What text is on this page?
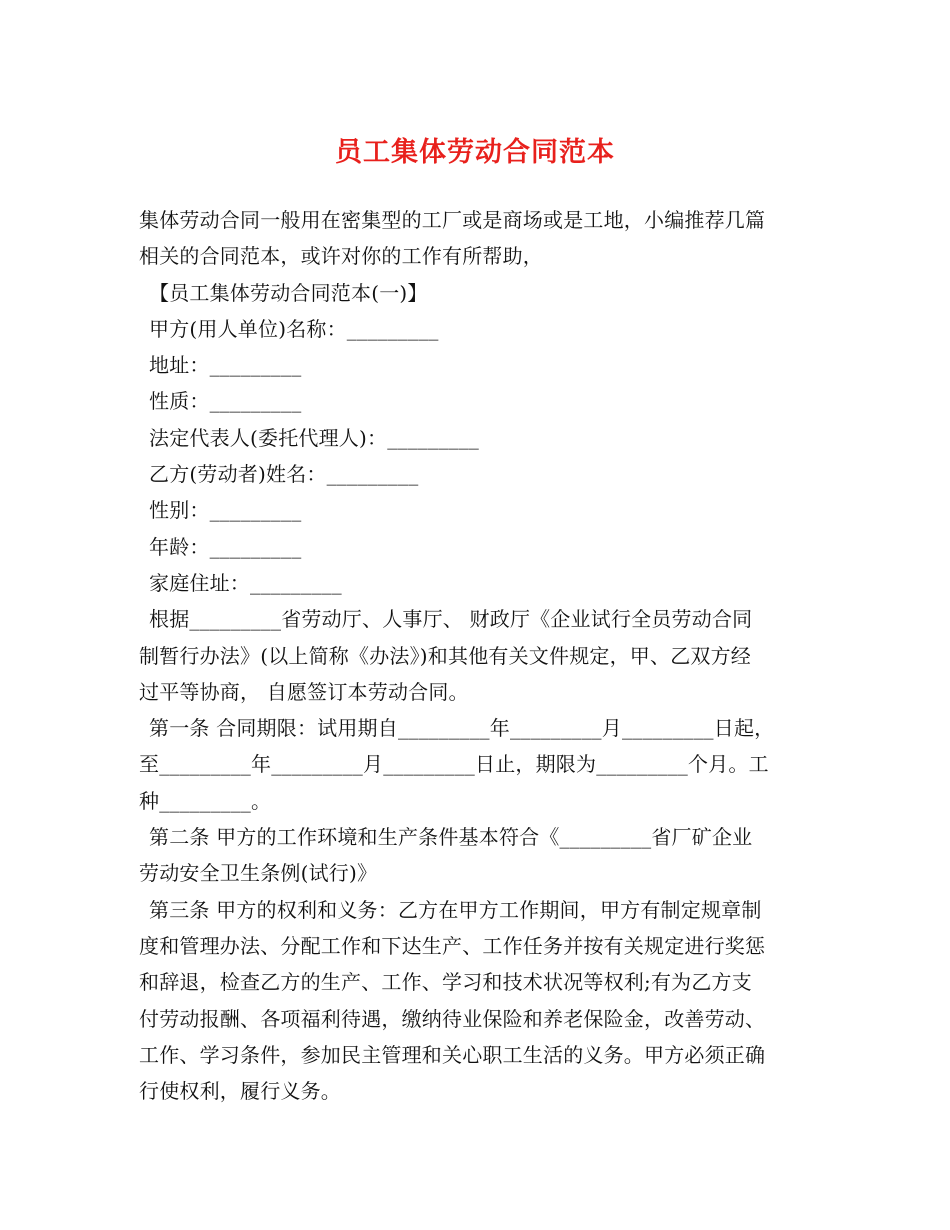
员工集体劳动合同范本
集体劳动合同一般用在密集型的工厂或是商场或是工地，小编推荐几篇
相关的合同范本，或许对你的工作有所帮助，
【员工集体劳动合同范本(一)】
甲方(用人单位)名称：_________
地址：_________
性质：_________
法定代表人(委托代理人)：_________
乙方(劳动者)姓名：_________
性别：_________
年龄：_________
家庭住址：_________
根据_________省劳动厅、人事厅、 财政厅《企业试行全员劳动合同
制暂行办法》(以上简称《办法》)和其他有关文件规定，甲、乙双方经
过平等协商， 自愿签订本劳动合同。
第一条 合同期限：试用期自_________年_________月_________日起，
至_________年_________月_________日止，期限为_________个月。工
种_________。
第二条 甲方的工作环境和生产条件基本符合《_________省厂矿企业
劳动安全卫生条例(试行)》
第三条 甲方的权利和义务：乙方在甲方工作期间，甲方有制定规章制
度和管理办法、分配工作和下达生产、工作任务并按有关规定进行奖惩
和辞退，检查乙方的生产、工作、学习和技术状况等权利;有为乙方支
付劳动报酬、各项福利待遇，缴纳待业保险和养老保险金，改善劳动、
工作、学习条件，参加民主管理和关心职工生活的义务。甲方必须正确
行使权利，履行义务。
